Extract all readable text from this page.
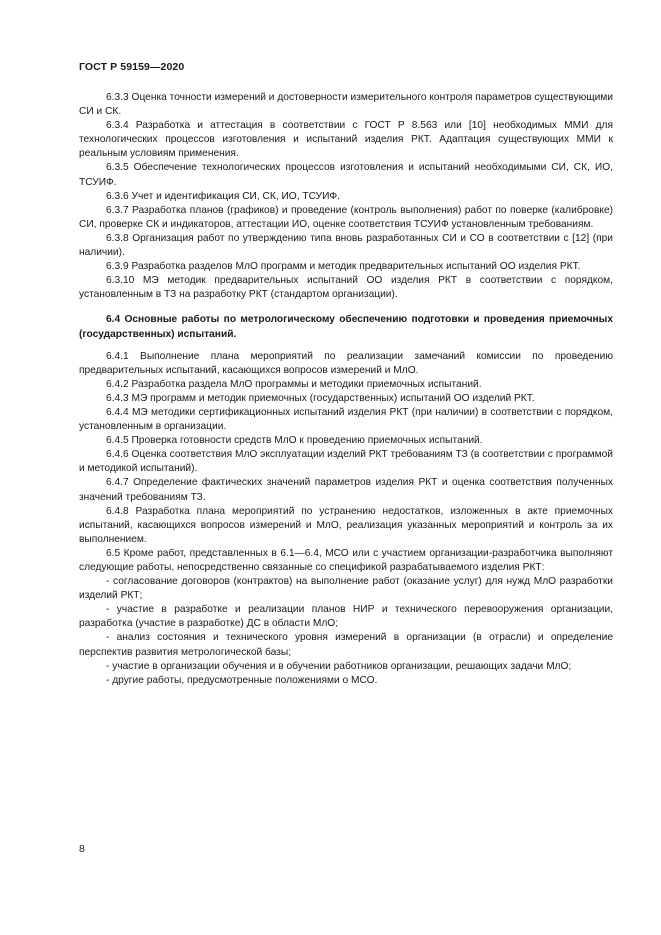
ГОСТ Р 59159—2020

6.3.3 Оценка точности измерений и достоверности измерительного контроля параметров существующими СИ и СК.

6.3.4 Разработка и аттестация в соответствии с ГОСТ Р 8.563 или [10] необходимых ММИ для технологических процессов изготовления и испытаний изделия РКТ. Адаптация существующих ММИ к реальным условиям применения.

6.3.5 Обеспечение технологических процессов изготовления и испытаний необходимыми СИ, СК, ИО, ТСУИФ.

6.3.6 Учет и идентификация СИ, СК, ИО, ТСУИФ.

6.3.7 Разработка планов (графиков) и проведение (контроль выполнения) работ по поверке (калибровке) СИ, проверке СК и индикаторов, аттестации ИО, оценке соответствия ТСУИФ установленным требованиям.

6.3.8 Организация работ по утверждению типа вновь разработанных СИ и СО в соответствии с [12] (при наличии).

6.3.9 Разработка разделов МлО программ и методик предварительных испытаний ОО изделия РКТ.

6.3.10 МЭ методик предварительных испытаний ОО изделия РКТ в соответствии с порядком, установленным в ТЗ на разработку РКТ (стандартом организации).

6.4 Основные работы по метрологическому обеспечению подготовки и проведения приемочных (государственных) испытаний.

6.4.1 Выполнение плана мероприятий по реализации замечаний комиссии по проведению предварительных испытаний, касающихся вопросов измерений и МлО.

6.4.2 Разработка раздела МлО программы и методики приемочных испытаний.

6.4.3 МЭ программ и методик приемочных (государственных) испытаний ОО изделий РКТ.

6.4.4 МЭ методики сертификационных испытаний изделия РКТ (при наличии) в соответствии с порядком, установленным в организации.

6.4.5 Проверка готовности средств МлО к проведению приемочных испытаний.

6.4.6 Оценка соответствия МлО эксплуатации изделий РКТ требованиям ТЗ (в соответствии с программой и методикой испытаний).

6.4.7 Определение фактических значений параметров изделия РКТ и оценка соответствия полученных значений требованиям ТЗ.

6.4.8 Разработка плана мероприятий по устранению недостатков, изложенных в акте приемочных испытаний, касающихся вопросов измерений и МлО, реализация указанных мероприятий и контроль за их выполнением.

6.5 Кроме работ, представленных в 6.1—6.4, МСО или с участием организации-разработчика выполняют следующие работы, непосредственно связанные со спецификой разрабатываемого изделия РКТ:

- согласование договоров (контрактов) на выполнение работ (оказание услуг) для нужд МлО разработки изделий РКТ;

- участие в разработке и реализации планов НИР и технического перевооружения организации, разработка (участие в разработке) ДС в области МлО;

- анализ состояния и технического уровня измерений в организации (в отрасли) и определение перспектив развития метрологической базы;

- участие в организации обучения и в обучении работников организации, решающих задачи МлО;

- другие работы, предусмотренные положениями о МСО.

8
